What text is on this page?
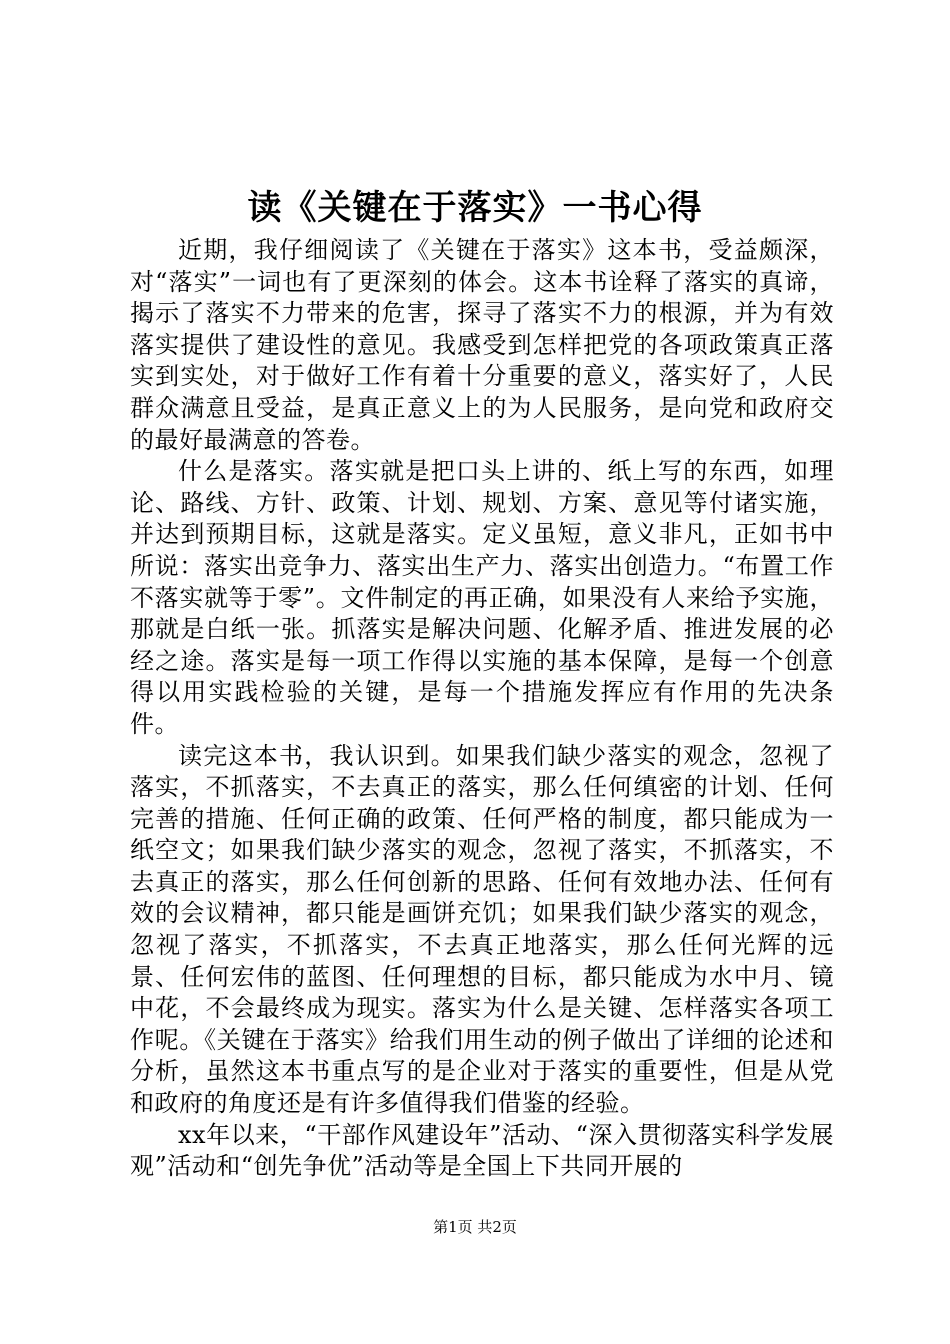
读《关键在于落实》一书心得

近期，我仔细阅读了《关键在于落实》这本书，受益颇深，对“落实”一词也有了更深刻的体会。这本书诠释了落实的真谛，揭示了落实不力带来的危害，探寻了落实不力的根源，并为有效落实提供了建设性的意见。我感受到怎样把党的各项政策真正落实到实处，对于做好工作有着十分重要的意义，落实好了，人民群众满意且受益，是真正意义上的为人民服务，是向党和政府交的最好最满意的答卷。

什么是落实。落实就是把口头上讲的、纸上写的东西，如理论、路线、方针、政策、计划、规划、方案、意见等付诸实施，并达到预期目标，这就是落实。定义虽短，意义非凡，正如书中所说：落实出竞争力、落实出生产力、落实出创造力。“布置工作不落实就等于零”。文件制定的再正确，如果没有人来给予实施，那就是白纸一张。抓落实是解决问题、化解矛盾、推进发展的必经之途。落实是每一项工作得以实施的基本保障，是每一个创意得以用实践检验的关键，是每一个措施发挥应有作用的先决条件。

读完这本书，我认识到。如果我们缺少落实的观念，忽视了落实，不抓落实，不去真正的落实，那么任何缜密的计划、任何完善的措施、任何正确的政策、任何严格的制度，都只能成为一纸空文；如果我们缺少落实的观念，忽视了落实，不抓落实，不去真正的落实，那么任何创新的思路、任何有效地办法、任何有效的会议精神，都只能是画饼充饥；如果我们缺少落实的观念，忽视了落实，不抓落实，不去真正地落实，那么任何光辉的远景、任何宏伟的蓝图、任何理想的目标，都只能成为水中月、镜中花，不会最终成为现实。落实为什么是关键、怎样落实各项工作呢。《关键在于落实》给我们用生动的例子做出了详细的论述和分析，虽然这本书重点写的是企业对于落实的重要性，但是从党和政府的角度还是有许多值得我们借鉴的经验。

xx年以来，“干部作风建设年”活动、“深入贯彻落实科学发展观”活动和“创先争优”活动等是全国上下共同开展的

第1页 共2页
